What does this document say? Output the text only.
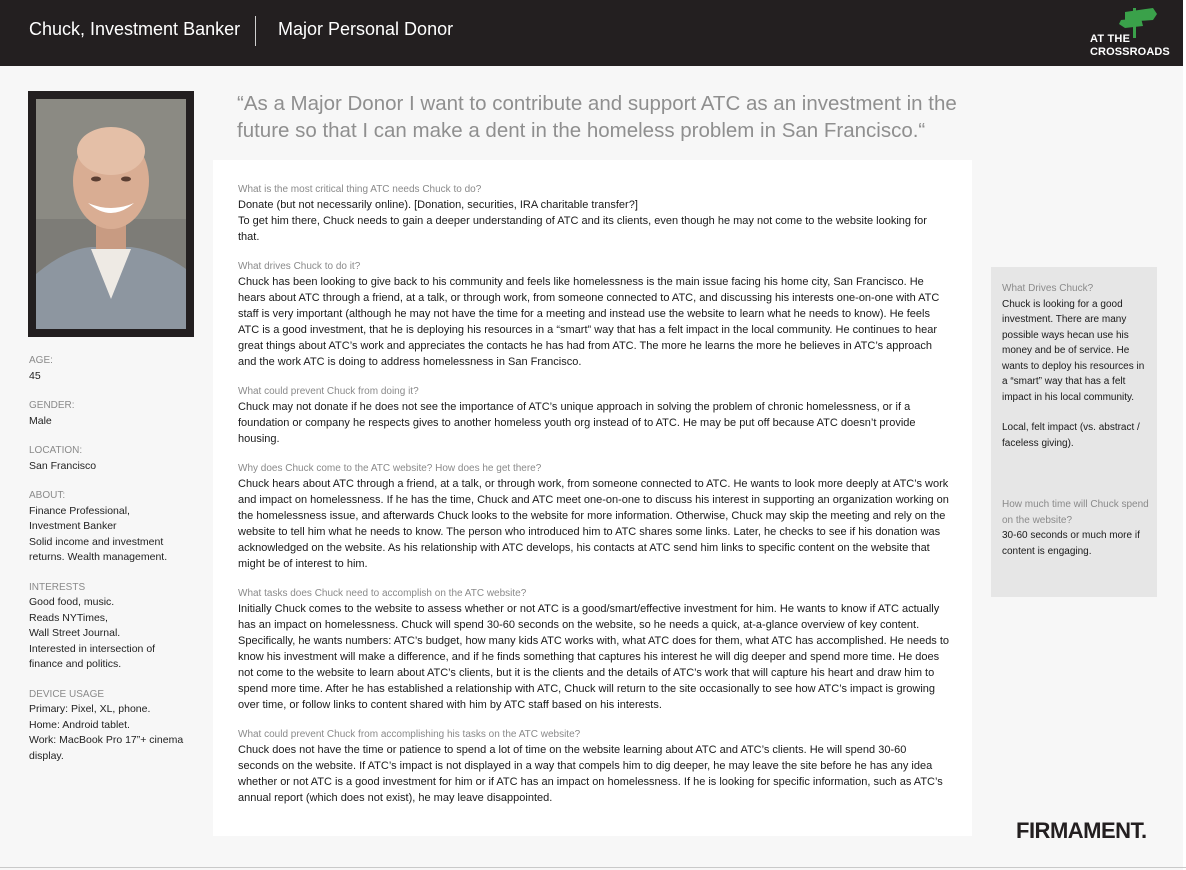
Chuck, Investment Banker Major Personal Donor	AT THE
CROSSROADS
AGE:
45
GENDER:
Male
LOCATION:
San Francisco
ABOUT:
Finance Professional,
Investment Banker
Solid income and investment
returns. Wealth management.
INTERESTS
Good food, music.
Reads NYTimes,
Wall Street Journal.
Interested in intersection of
finance and politics.
DEVICE USAGE
Primary: Pixel, XL, phone.
Home: Android tablet.
Work: MacBook Pro 17”+ cinema
display.
“As a Major Donor I want to contribute and support ATC as an investment in the future so that I can make a dent in the homeless problem in San Francisco.“
What is the most critical thing ATC needs Chuck to do?
Donate (but not necessarily online). [Donation, securities, IRA charitable transfer?]
To get him there, Chuck needs to gain a deeper understanding of ATC and its clients, even though he may not come to the website looking for that.
What drives Chuck to do it?
Chuck has been looking to give back to his community and feels like homelessness is the main issue facing his home city, San Francisco. He hears about ATC through a friend, at a talk, or through work, from someone connected to ATC, and discussing his interests one-on-one with ATC staff is very important (although he may not have the time for a meeting and instead use the website to learn what he needs to know). He feels ATC is a good investment, that he is deploying his resources in a “smart” way that has a felt impact in the local community. He continues to hear great things about ATC’s work and appreciates the contacts he has had from ATC. The more he learns the more he believes in ATC’s approach and the work ATC is doing to address homelessness in San Francisco.
What could prevent Chuck from doing it?
Chuck may not donate if he does not see the importance of ATC’s unique approach in solving the problem of chronic homelessness, or if a foundation or company he respects gives to another homeless youth org instead of to ATC. He may be put off because ATC doesn’t provide housing.
Why does Chuck come to the ATC website? How does he get there?
Chuck hears about ATC through a friend, at a talk, or through work, from someone connected to ATC. He wants to look more deeply at ATC’s work and impact on homelessness. If he has the time, Chuck and ATC meet one-on-one to discuss his interest in supporting an organization working on the homelessness issue, and afterwards Chuck looks to the website for more information. Otherwise, Chuck may skip the meeting and rely on the website to tell him what he needs to know. The person who introduced him to ATC shares some links. Later, he checks to see if his donation was acknowledged on the website. As his relationship with ATC develops, his contacts at ATC send him links to specific content on the website that might be of interest to him.
What tasks does Chuck need to accomplish on the ATC website?
Initially Chuck comes to the website to assess whether or not ATC is a good/smart/effective investment for him. He wants to know if ATC actually has an impact on homelessness. Chuck will spend 30-60 seconds on the website, so he needs a quick, at-a-glance overview of key content. Specifically, he wants numbers: ATC’s budget, how many kids ATC works with, what ATC does for them, what ATC has accomplished. He needs to know his investment will make a difference, and if he finds something that captures his interest he will dig deeper and spend more time. He does not come to the website to learn about ATC’s clients, but it is the clients and the details of ATC’s work that will capture his heart and draw him to spend more time. After he has established a relationship with ATC, Chuck will return to the site occasionally to see how ATC’s impact is growing over time, or follow links to content shared with him by ATC staff based on his interests.
What could prevent Chuck from accomplishing his tasks on the ATC website?
Chuck does not have the time or patience to spend a lot of time on the website learning about ATC and ATC’s clients. He will spend 30-60 seconds on the website. If ATC’s impact is not displayed in a way that compels him to dig deeper, he may leave the site before he has any idea whether or not ATC is a good investment for him or if ATC has an impact on homelessness. If he is looking for specific information, such as ATC’s annual report (which does not exist), he may leave disappointed.
What Drives Chuck?
Chuck is looking for a good investment. There are many possible ways hecan use his money and be of service. He wants to deploy his resources in a “smart” way that has a felt impact in his local community.
Local, felt impact (vs. abstract / faceless giving).
How much time will Chuck spend on the website?
30-60 seconds or much more if content is engaging.
FIRMAMENT.
